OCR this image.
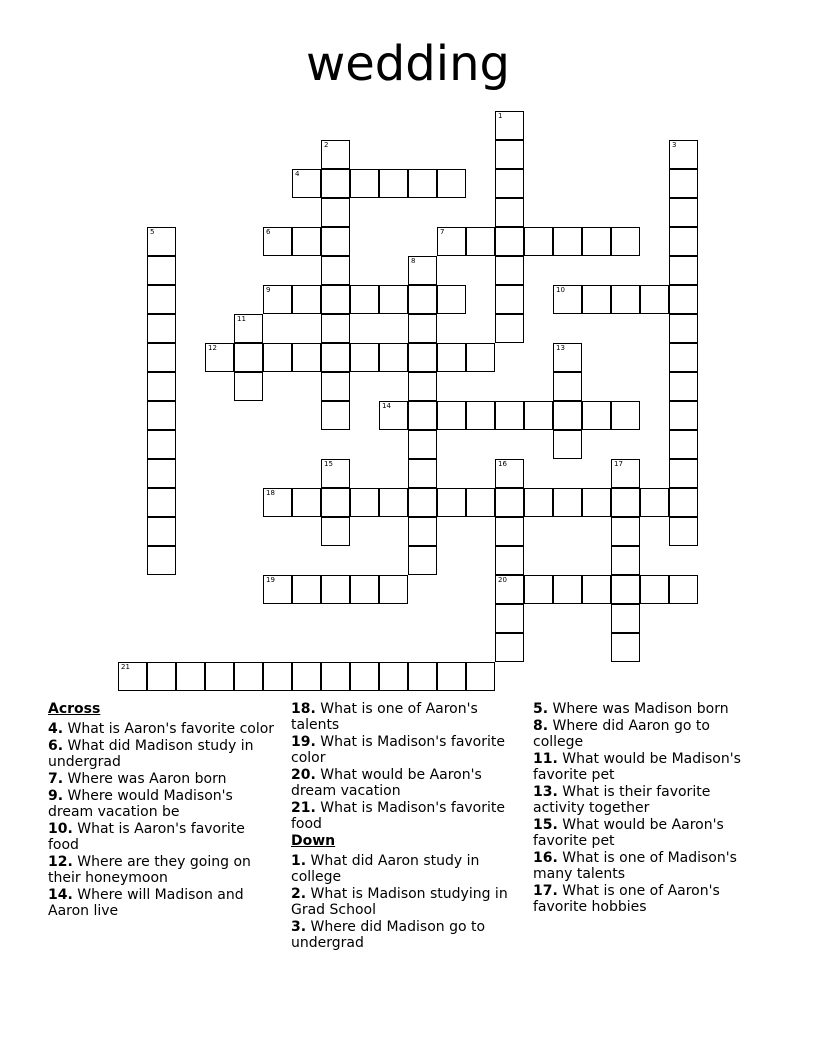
wedding
1
2	3
4
5	6	7
8
9	10
11
12	13
14
15	16
20
17
18
19
21
Across
4. What is Aaron's favorite color
6. What did Madison study in undergrad
7. Where was Aaron born
9. Where would Madison's dream vacation be
10. What is Aaron's favorite food
12. Where are they going on their honeymoon
14. Where will Madison and Aaron live
18. What is one of Aaron's talents
19. What is Madison's favorite color
20. What would be Aaron's dream vacation
21. What is Madison's favorite food
Down
1. What did Aaron study in college
2. What is Madison studying in Grad School
3. Where did Madison go to undergrad
5. Where was Madison born
8. Where did Aaron go to college
11. What would be Madison's favorite pet
13. What is their favorite activity together
15. What would be Aaron's favorite pet
16. What is one of Madison's many talents
17. What is one of Aaron's favorite hobbies
